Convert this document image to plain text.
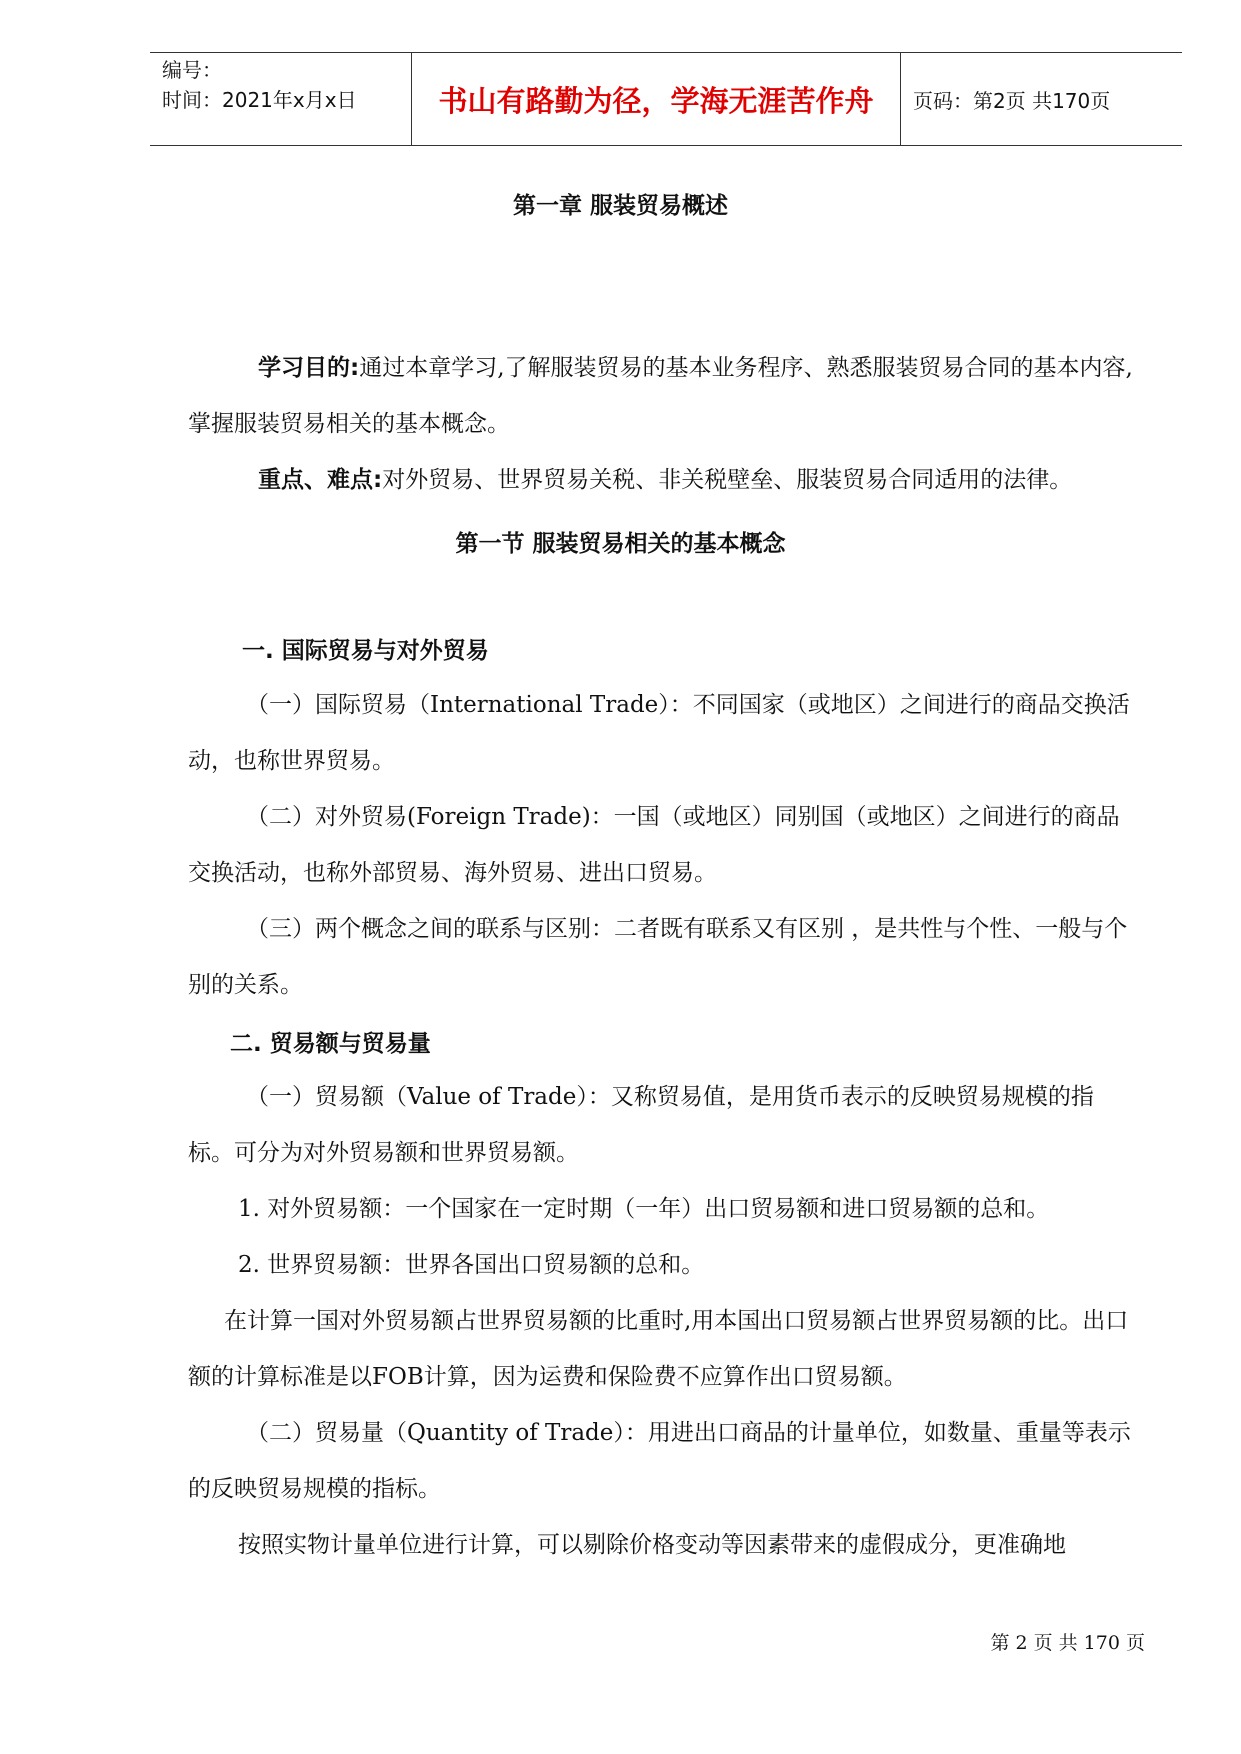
编号：
时间：2021年x月x日	书山有路勤为径，学海无涯苦作舟	页码：第2页 共170页
第一章 服装贸易概述

学习目的:通过本章学习,了解服装贸易的基本业务程序、熟悉服装贸易合同的基本内容,掌握服装贸易相关的基本概念。

重点、难点:对外贸易、世界贸易关税、非关税壁垒、服装贸易合同适用的法律。

第一节 服装贸易相关的基本概念
一. 国际贸易与对外贸易

（一）国际贸易（International Trade）：不同国家（或地区）之间进行的商品交换活动，也称世界贸易。

（二）对外贸易(Foreign Trade)：一国（或地区）同别国（或地区）之间进行的商品交换活动，也称外部贸易、海外贸易、进出口贸易。

（三）两个概念之间的联系与区别：二者既有联系又有区别 ，是共性与个性、一般与个别的关系。

二. 贸易额与贸易量

（一）贸易额（Value of Trade）：又称贸易值，是用货币表示的反映贸易规模的指标。可分为对外贸易额和世界贸易额。

1. 对外贸易额：一个国家在一定时期（一年）出口贸易额和进口贸易额的总和。

2. 世界贸易额：世界各国出口贸易额的总和。

在计算一国对外贸易额占世界贸易额的比重时,用本国出口贸易额占世界贸易额的比。出口额的计算标准是以FOB计算，因为运费和保险费不应算作出口贸易额。

（二）贸易量（Quantity of Trade）：用进出口商品的计量单位，如数量、重量等表示的反映贸易规模的指标。

按照实物计量单位进行计算，可以剔除价格变动等因素带来的虚假成分，更准确地

第 2 页 共 170 页
